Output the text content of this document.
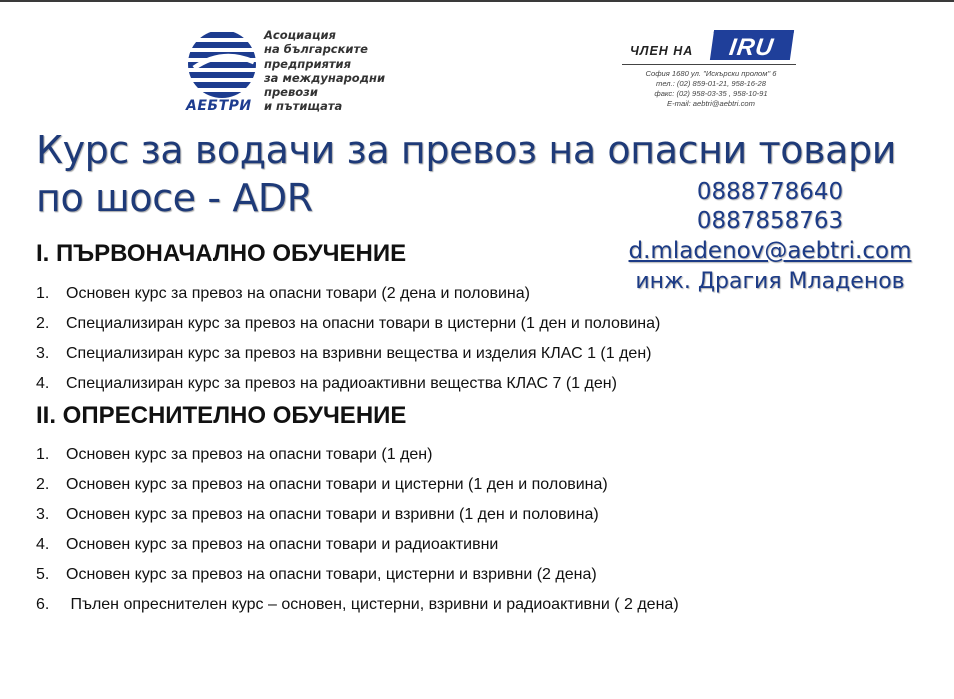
АЕБТРИ
Асоциация
на българските
предприятия
за международни
превози
и пътищата
ЧЛЕН НА	IRU
София 1680 ул. "Искърски пролом" 6
тел.: (02) 859-01-21, 958-16-28
факс: (02) 958-03-35 , 958-10-91
E-mail: aebtri@aebtri.com
Курс за водачи за превоз на опасни товари
по шосе - ADR	0888778640
0887858763
d.mladenov@aebtri.com
инж. Драгия Младенов
I. ПЪРВОНАЧАЛНО ОБУЧЕНИЕ
1. Основен курс за превоз на опасни товари (2 дена и половина)
2. Специализиран курс за превоз на опасни товари в цистерни (1 ден и половина)
3. Специализиран курс за превоз на взривни вещества и изделия КЛАС 1 (1 ден)
4. Специализиран курс за превоз на радиоактивни вещества КЛАС 7 (1 ден)
II. ОПРЕСНИТЕЛНО ОБУЧЕНИЕ
1. Основен курс за превоз на опасни товари (1 ден)
2. Основен курс за превоз на опасни товари и цистерни (1 ден и половина)
3. Основен курс за превоз на опасни товари и взривни (1 ден и половина)
4. Основен курс за превоз на опасни товари и радиоактивни
5. Основен курс за превоз на опасни товари, цистерни и взривни (2 дена)
6. Пълен опреснителен курс – основен, цистерни, взривни и радиоактивни ( 2 дена)
